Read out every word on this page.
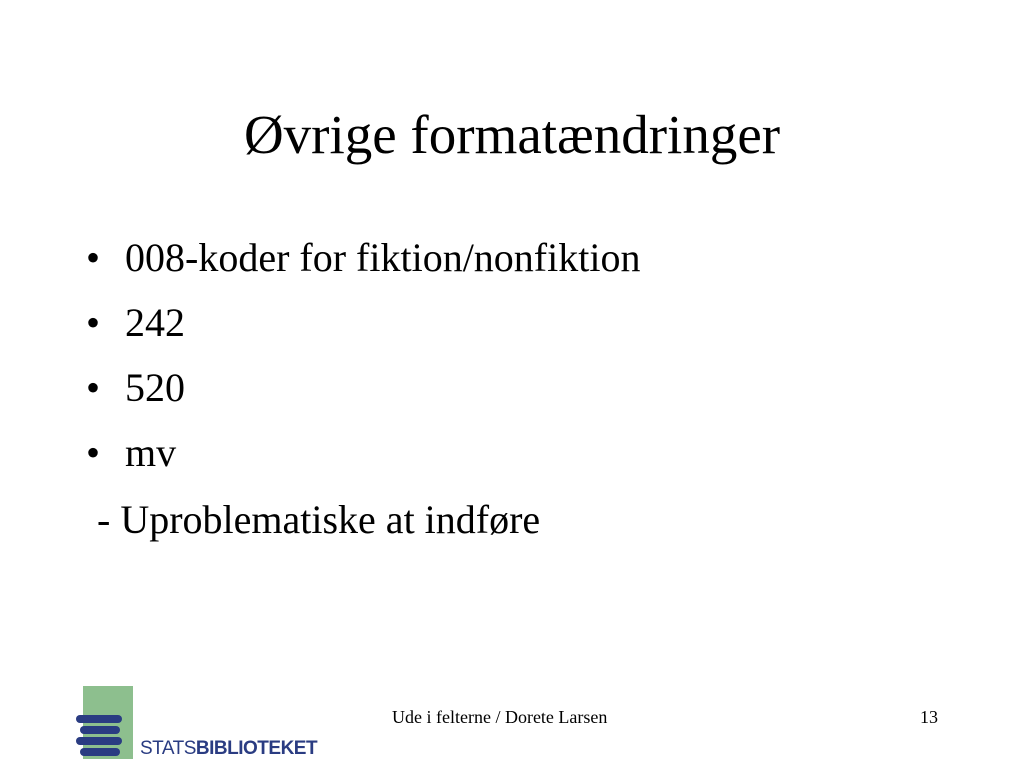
Øvrige formatændringer
• 008-koder for fiktion/nonfiktion
• 242
• 520
• mv
- Uproblematiske at indføre
STATSBIBLIOTEKET
Ude i felterne / Dorete Larsen	13
